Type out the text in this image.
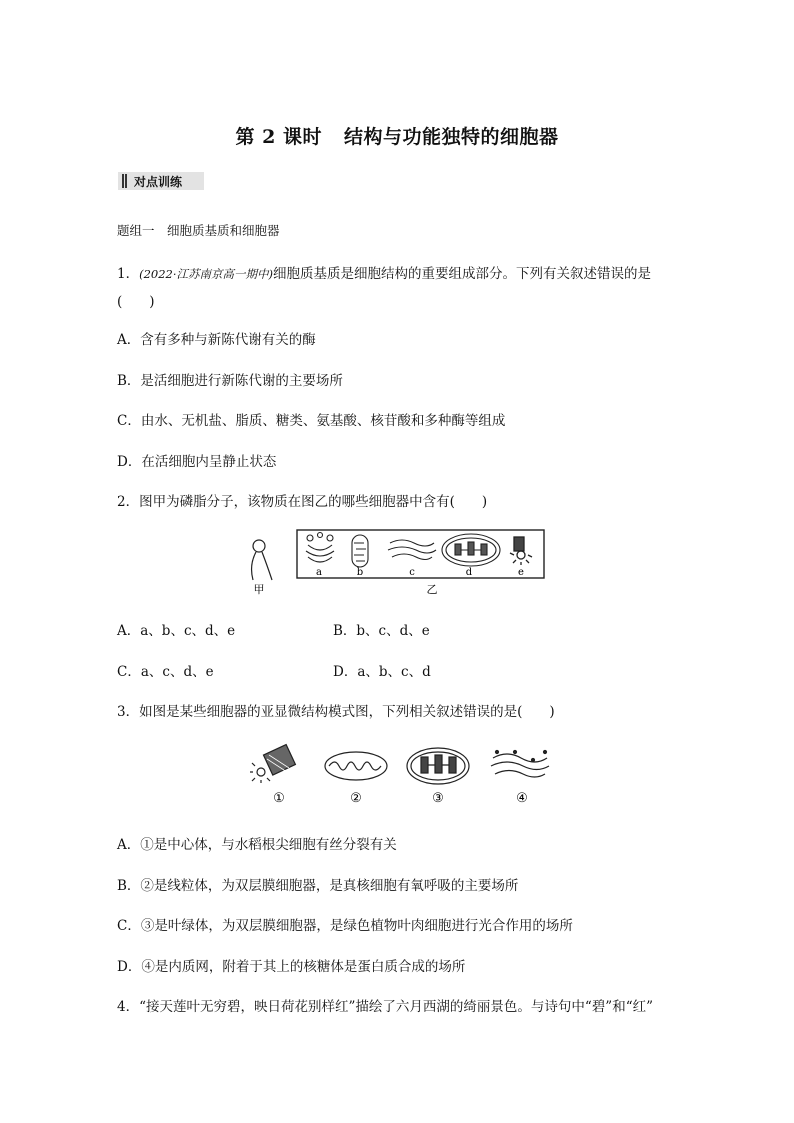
第 2 课时 结构与功能独特的细胞器
对点训练
题组一　细胞质基质和细胞器
1．(2022·江苏南京高一期中)细胞质基质是细胞结构的重要组成部分。下列有关叙述错误的是
(　　)
A．含有多种与新陈代谢有关的酶
B．是活细胞进行新陈代谢的主要场所
C．由水、无机盐、脂质、糖类、氨基酸、核苷酸和多种酶等组成
D．在活细胞内呈静止状态
2．图甲为磷脂分子，该物质在图乙的哪些细胞器中含有(　　)
甲
a	b	c	d	e
乙
A．a、b、c、d、e	B．b、c、d、e
C．a、c、d、e	D．a、b、c、d
3．如图是某些细胞器的亚显微结构模式图，下列相关叙述错误的是(　　)
①	②	③	④
A．①是中心体，与水稻根尖细胞有丝分裂有关
B．②是线粒体，为双层膜细胞器，是真核细胞有氧呼吸的主要场所
C．③是叶绿体，为双层膜细胞器，是绿色植物叶肉细胞进行光合作用的场所
D．④是内质网，附着于其上的核糖体是蛋白质合成的场所
4．“接天莲叶无穷碧，映日荷花别样红”描绘了六月西湖的绮丽景色。与诗句中“碧”和“红”
